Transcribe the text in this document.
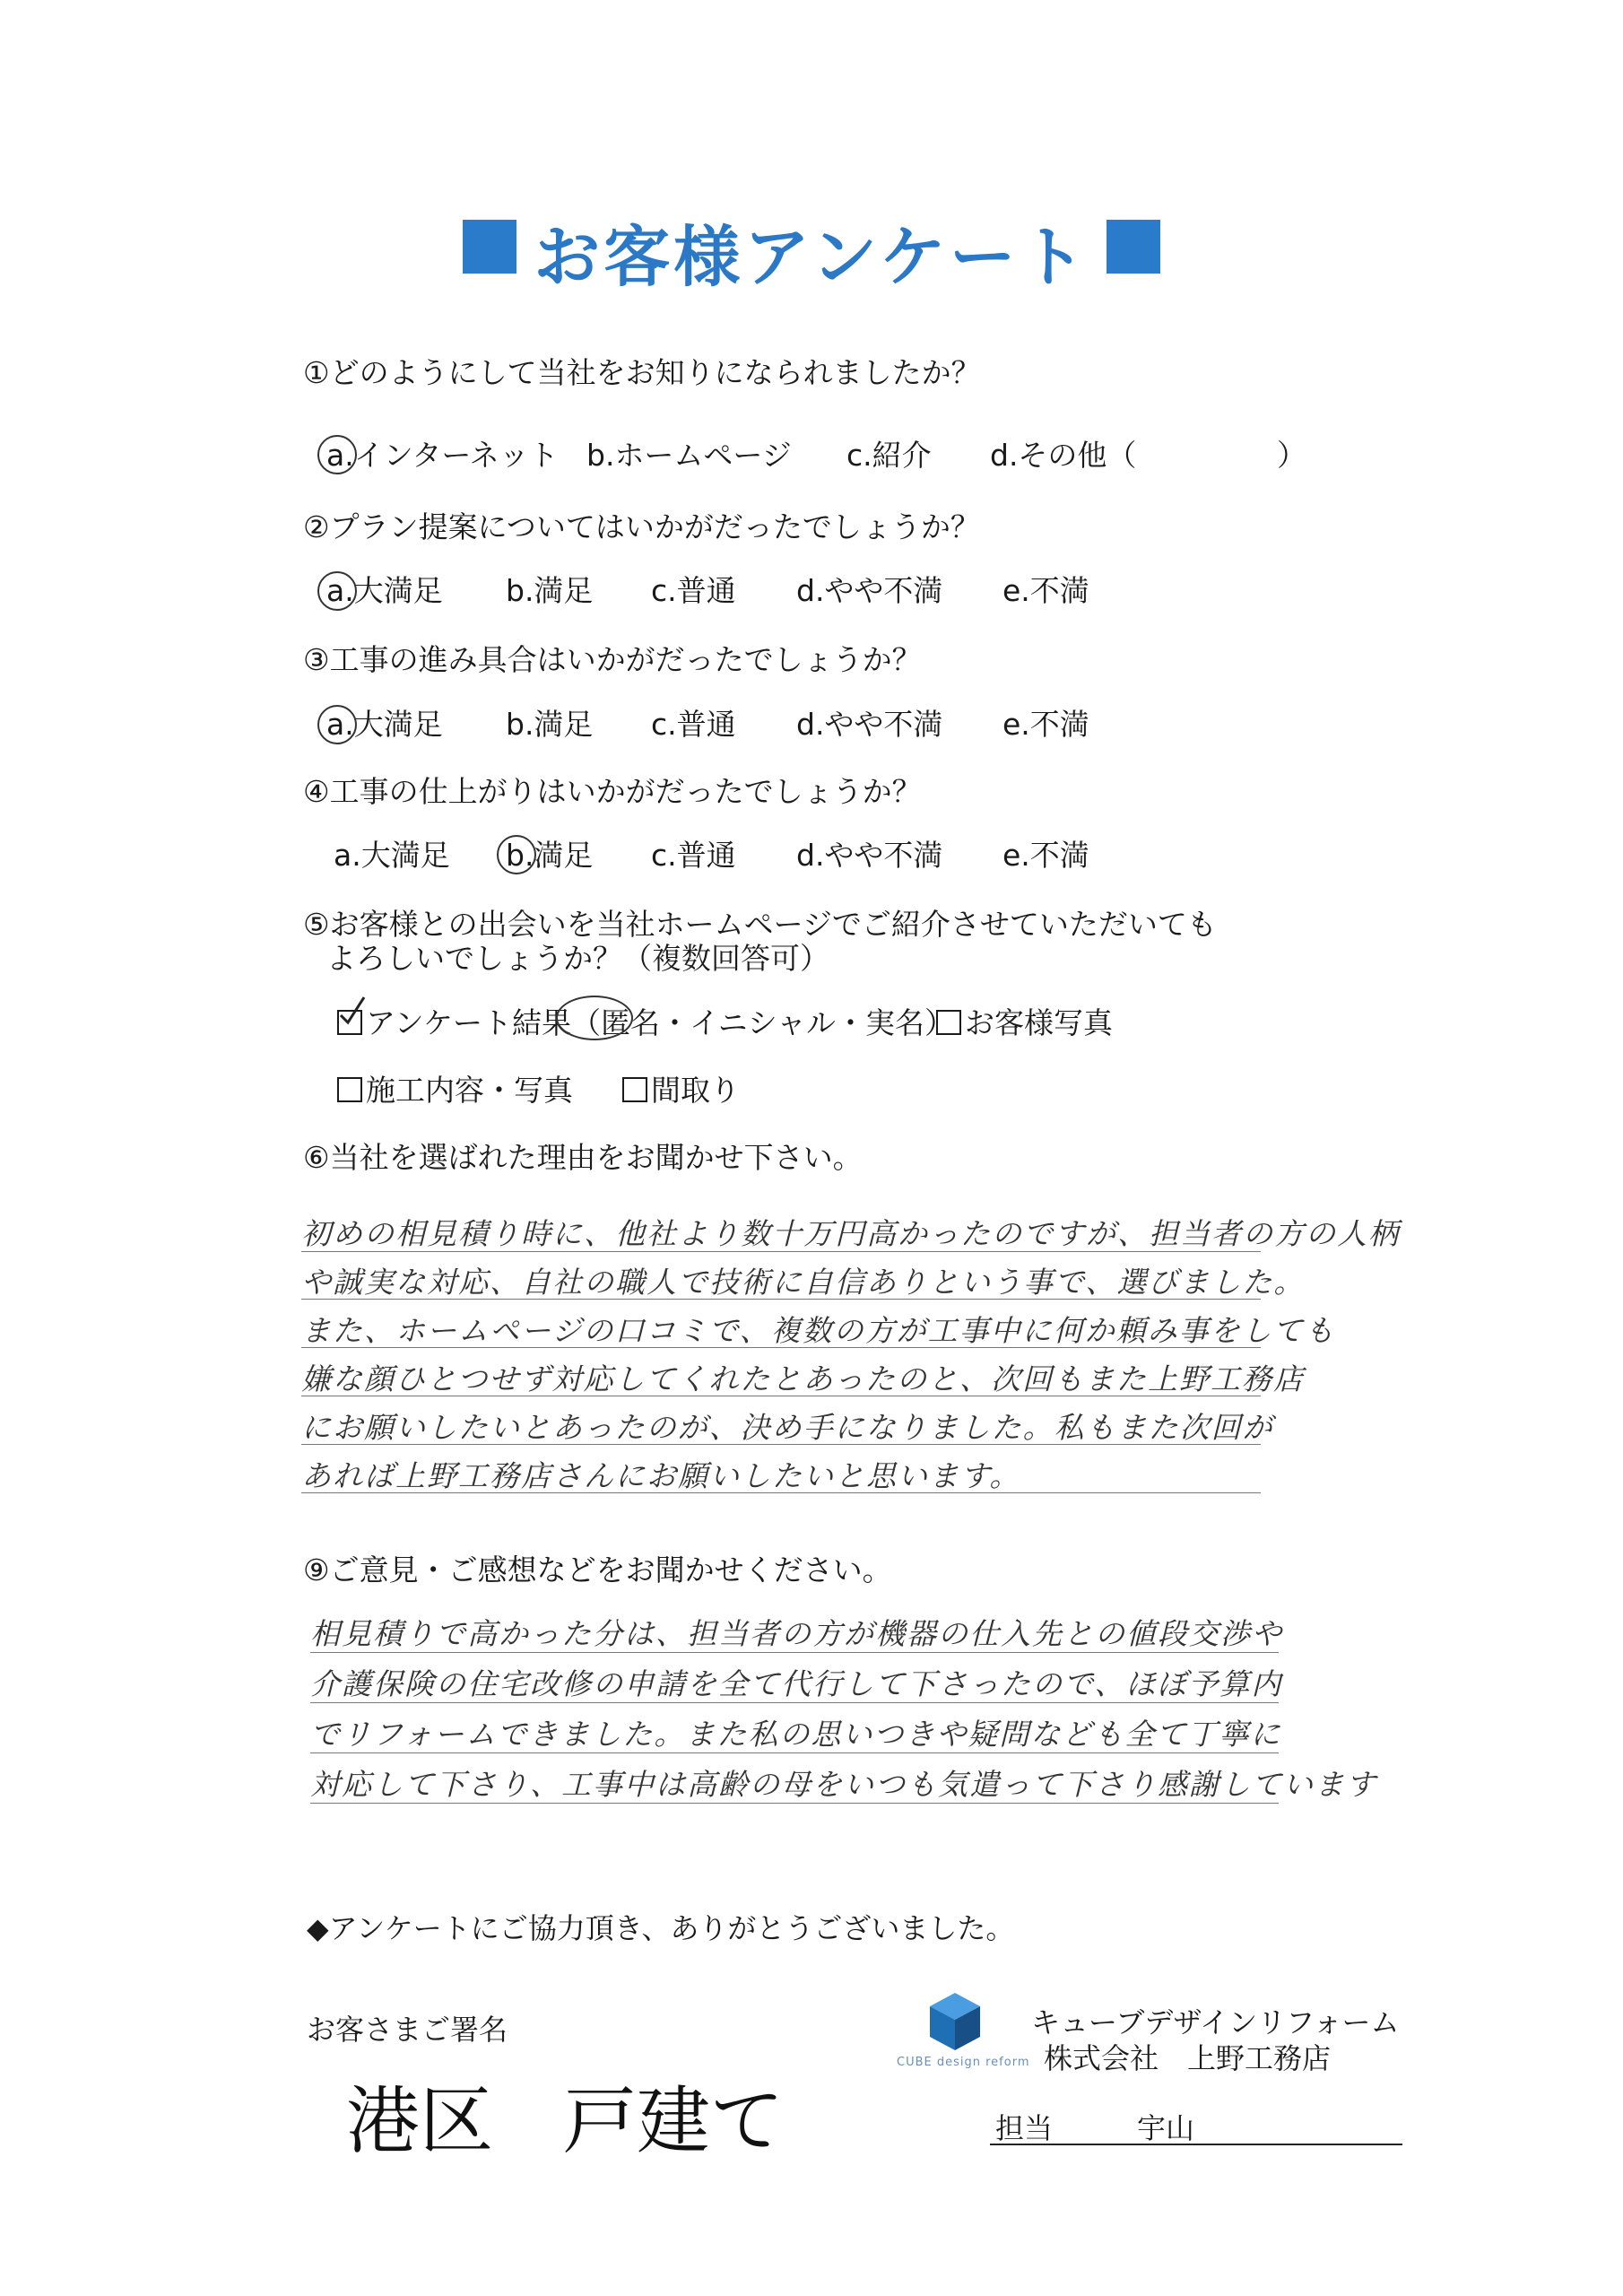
お客様アンケート
①どのようにして当社をお知りになられましたか？
a.インターネット b.ホームページ c.紹介 d.その他（	）
②プラン提案についてはいかがだったでしょうか？
a.大満足 b.満足 c.普通 d.やや不満 e.不満
③工事の進み具合はいかがだったでしょうか？
a.大満足 b.満足 c.普通 d.やや不満 e.不満
④工事の仕上がりはいかがだったでしょうか？
a.大満足 b.満足 c.普通 d.やや不満 e.不満
⑤お客様との出会いを当社ホームページでご紹介させていただいても
よろしいでしょうか？（複数回答可）
アンケート結果（匿名・イニシャル・実名） お客様写真
施工内容・写真	間取り
⑥当社を選ばれた理由をお聞かせ下さい。
初めの相見積り時に、他社より数十万円高かったのですが、担当者の方の人柄
や誠実な対応、自社の職人で技術に自信ありという事で、選びました。
また、ホームページの口コミで、複数の方が工事中に何か頼み事をしても
嫌な顔ひとつせず対応してくれたとあったのと、次回もまた上野工務店
にお願いしたいとあったのが、決め手になりました。私もまた次回が
あれば上野工務店さんにお願いしたいと思います。
⑨ご意見・ご感想などをお聞かせください。
相見積りで高かった分は、担当者の方が機器の仕入先との値段交渉や
介護保険の住宅改修の申請を全て代行して下さったので、ほぼ予算内
でリフォームできました。また私の思いつきや疑問なども全て丁寧に
対応して下さり、工事中は高齢の母をいつも気遣って下さり感謝しています
◆アンケートにご協力頂き、ありがとうございました。
お客さまご署名
港区 戸建て
CUBE design reform
キューブデザインリフォーム
株式会社　上野工務店
担当	宇山
